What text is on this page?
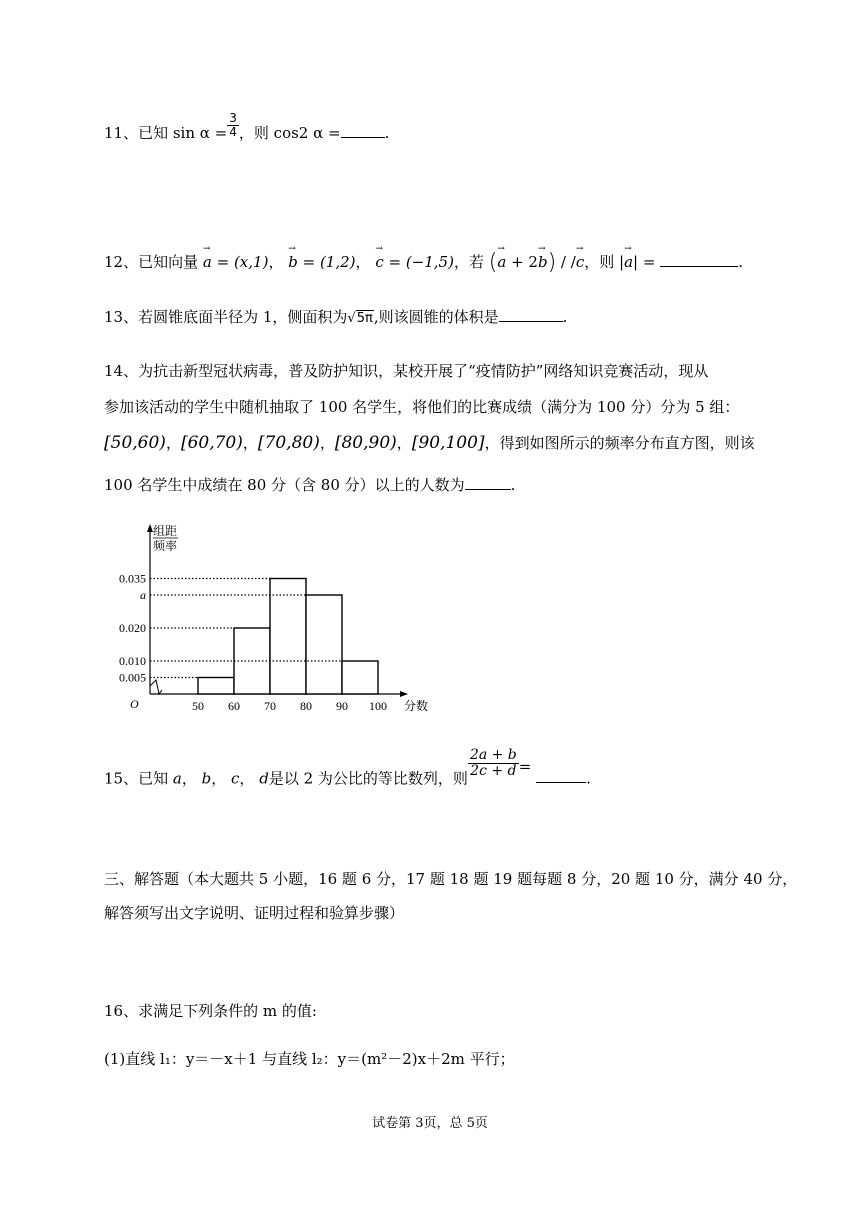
11、已知 $\sin \alpha = \frac{3}{4}$ ，则 cos2 α =	.
12、已知向量 → a = (x,1)， → b = (1,2)， → c = (−1,5)，若 (→ a + 2→ b) / /→ c，则 |→ a| =	.
13、若圆锥底面半径为 1，侧面积为√5π,则该圆锥的体积是	.
14、为抗击新型冠状病毒，普及防护知识，某校开展了“疫情防护”网络知识竞赛活动，现从
参加该活动的学生中随机抽取了 100 名学生，将他们的比赛成绩（满分为 100 分）分为 5 组：
[50,60)，[60,70)，[70,80)，[80,90)，[90,100]，得到如图所示的频率分布直方图，则该
100 名学生中成绩在 80 分（含 80 分）以上的人数为	.
O
组距
频率
分数
0.035
a
0.020
0.010
0.005
50 60 70 80 90 100
15、已知 a， b， c， d是以 2 为公比的等比数列，则 $\frac{2a + b}{2c + d}$ = .
三、解答题（本大题共 5 小题，16 题 6 分，17 题 18 题 19 题每题 8 分，20 题 10 分，满分 40 分，
解答须写出文字说明、证明过程和验算步骤）
16、求满足下列条件的 m 的值:
(1)直线 l₁：y＝－x＋1 与直线 l₂：y＝(m²－2)x＋2m 平行；
试卷第 3页，总 5页
